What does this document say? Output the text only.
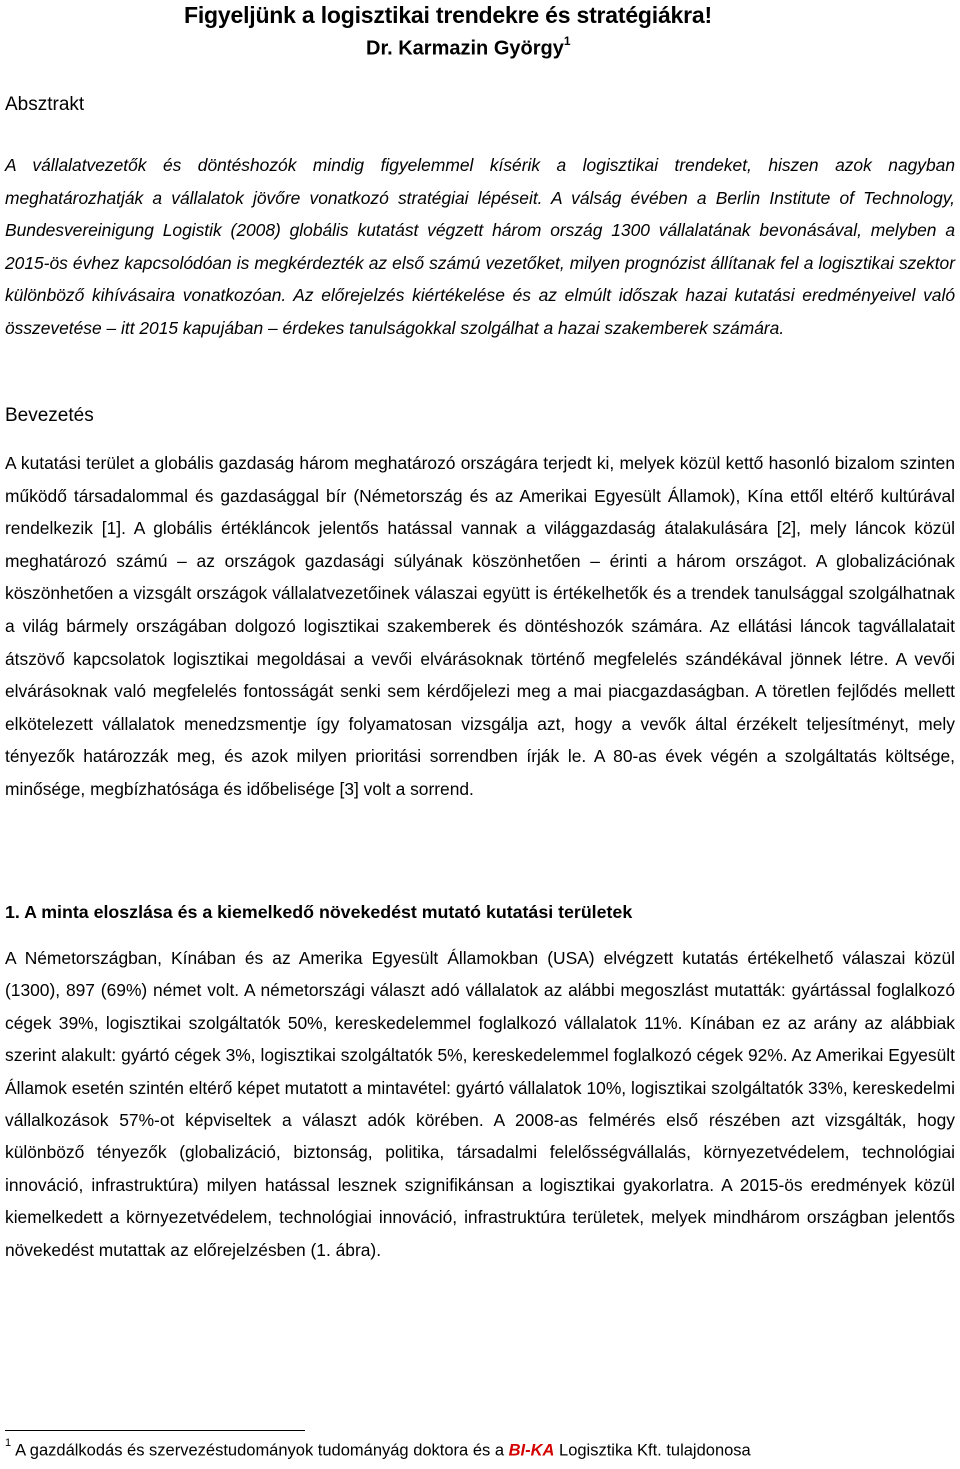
Figyeljünk a logisztikai trendekre és stratégiákra!
Dr. Karmazin György$^1$
Absztrakt
A vállalatvezetők és döntéshozók mindig figyelemmel kísérik a logisztikai trendeket, hiszen azok nagyban meghatározhatják a vállalatok jövőre vonatkozó stratégiai lépéseit. A válság évében a Berlin Institute of Technology, Bundesvereinigung Logistik (2008) globális kutatást végzett három ország 1300 vállalatának bevonásával, melyben a 2015-ös évhez kapcsolódóan is megkérdezték az első számú vezetőket, milyen prognózist állítanak fel a logisztikai szektor különböző kihívásaira vonatkozóan. Az előrejelzés kiértékelése és az elmúlt időszak hazai kutatási eredményeivel való összevetése – itt 2015 kapujában – érdekes tanulságokkal szolgálhat a hazai szakemberek számára.
Bevezetés
A kutatási terület a globális gazdaság három meghatározó országára terjedt ki, melyek közül kettő hasonló bizalom szinten működő társadalommal és gazdasággal bír (Németország és az Amerikai Egyesült Államok), Kína ettől eltérő kultúrával rendelkezik [1]. A globális értékláncok jelentős hatással vannak a világgazdaság átalakulására [2], mely láncok közül meghatározó számú – az országok gazdasági súlyának köszönhetően – érinti a három országot. A globalizációnak köszönhetően a vizsgált országok vállalatvezetőinek válaszai együtt is értékelhetők és a trendek tanulsággal szolgálhatnak a világ bármely országában dolgozó logisztikai szakemberek és döntéshozók számára. Az ellátási láncok tagvállalatait átszövő kapcsolatok logisztikai megoldásai a vevői elvárásoknak történő megfelelés szándékával jönnek létre. A vevői elvárásoknak való megfelelés fontosságát senki sem kérdőjelezi meg a mai piacgazdaságban. A töretlen fejlődés mellett elkötelezett vállalatok menedzsmentje így folyamatosan vizsgálja azt, hogy a vevők által érzékelt teljesítményt, mely tényezők határozzák meg, és azok milyen prioritási sorrendben írják le. A 80-as évek végén a szolgáltatás költsége, minősége, megbízhatósága és időbelisége [3] volt a sorrend.
1. A minta eloszlása és a kiemelkedő növekedést mutató kutatási területek
A Németországban, Kínában és az Amerika Egyesült Államokban (USA) elvégzett kutatás értékelhető válaszai közül (1300), 897 (69%) német volt. A németországi választ adó vállalatok az alábbi megoszlást mutatták: gyártással foglalkozó cégek 39%, logisztikai szolgáltatók 50%, kereskedelemmel foglalkozó vállalatok 11%. Kínában ez az arány az alábbiak szerint alakult: gyártó cégek 3%, logisztikai szolgáltatók 5%, kereskedelemmel foglalkozó cégek 92%. Az Amerikai Egyesült Államok esetén szintén eltérő képet mutatott a mintavétel: gyártó vállalatok 10%, logisztikai szolgáltatók 33%, kereskedelmi vállalkozások 57%-ot képviseltek a választ adók körében. A 2008-as felmérés első részében azt vizsgálták, hogy különböző tényezők (globalizáció, biztonság, politika, társadalmi felelősségvállalás, környezetvédelem, technológiai innováció, infrastruktúra) milyen hatással lesznek szignifikánsan a logisztikai gyakorlatra. A 2015-ös eredmények közül kiemelkedett a környezetvédelem, technológiai innováció, infrastruktúra területek, melyek mindhárom országban jelentős növekedést mutattak az előrejelzésben (1. ábra).
$^1$ A gazdálkodás és szervezéstudományok tudományág doktora és a BI-KA Logisztika Kft. tulajdonosa
